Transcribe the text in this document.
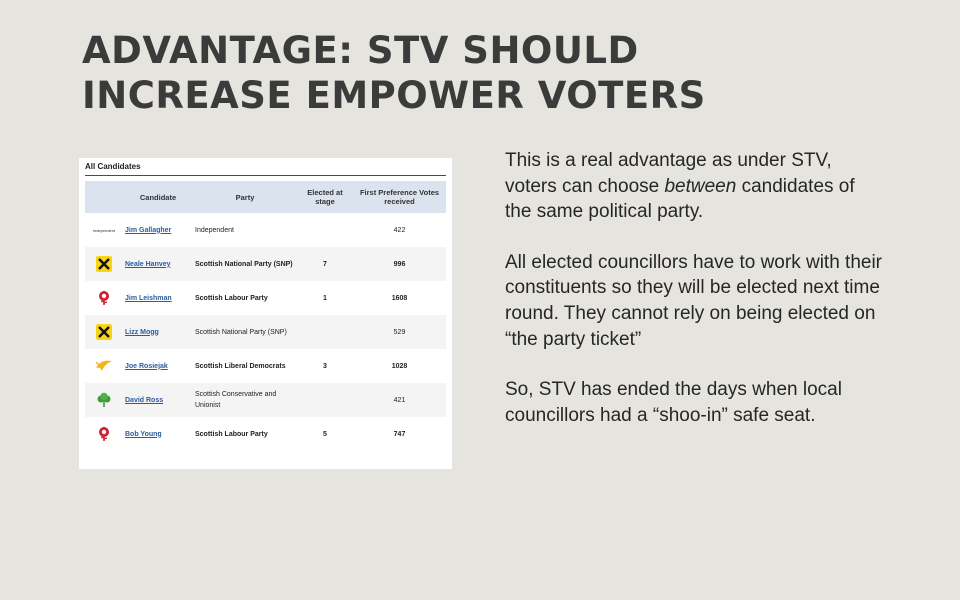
ADVANTAGE: STV SHOULD
INCREASE EMPOWER VOTERS
All Candidates
	Candidate	Party	Elected at stage	First Preference Votes received
Independent	Jim Gallagher	Independent		422

	Neale Hanvey	Scottish National Party (SNP)	7	996

	Jim Leishman	Scottish Labour Party	1	1608

	Lizz Mogg	Scottish National Party (SNP)		529

	Joe Rosiejak	Scottish Liberal Democrats	3	1028

	David Ross	Scottish Conservative and Unionist		421

	Bob Young	Scottish Labour Party	5	747

This is a real advantage as under STV, voters can choose between candidates of the same political party.

All elected councillors have to work with their constituents so they will be elected next time round. They cannot rely on being elected on “the party ticket”

So, STV has ended the days when local councillors had a “shoo-in” safe seat.
